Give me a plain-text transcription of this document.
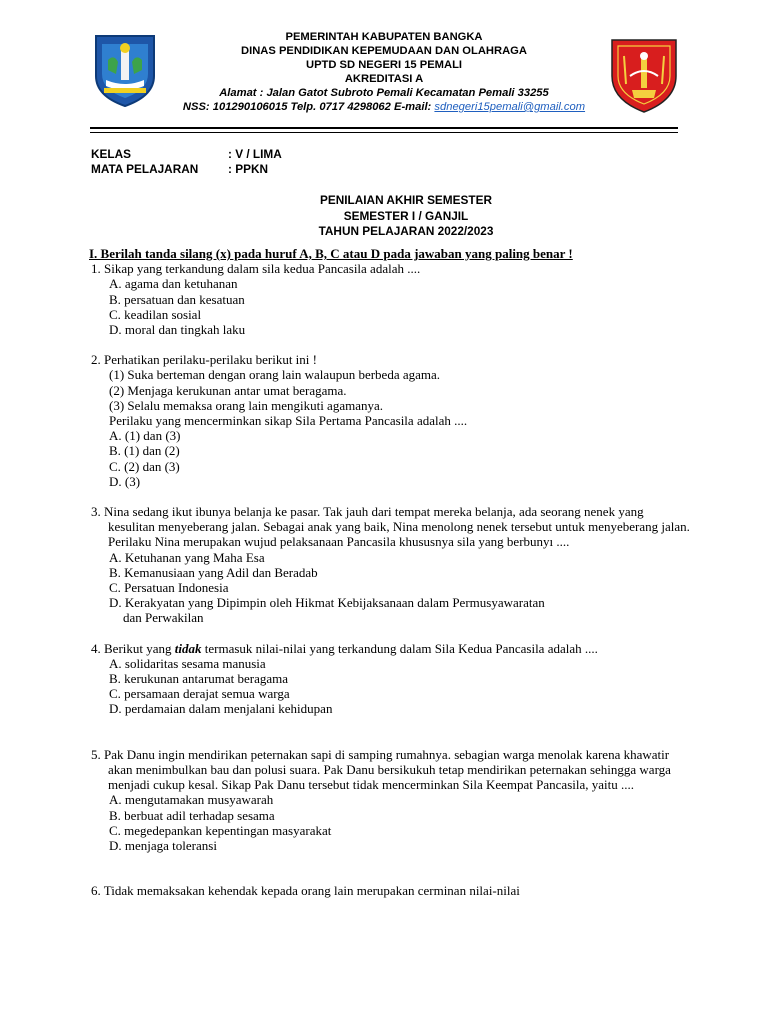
PEMERINTAH KABUPATEN BANGKA
DINAS PENDIDIKAN KEPEMUDAAN DAN OLAHRAGA
UPTD SD NEGERI 15 PEMALI
AKREDITASI A
Alamat : Jalan Gatot Subroto Pemali Kecamatan Pemali 33255
NSS: 101290106015 Telp. 0717 4298062 E-mail: sdnegeri15pemali@gmail.com
KELAS	: V / LIMA
MATA PELAJARAN	: PPKN
PENILAIAN AKHIR SEMESTER
SEMESTER I / GANJIL
TAHUN PELAJARAN 2022/2023
I. Berilah tanda silang (x) pada huruf A, B, C atau D pada jawaban yang paling benar !
1. Sikap yang terkandung dalam sila kedua Pancasila adalah ....
A. agama dan ketuhanan
B. persatuan dan kesatuan
C. keadilan sosial
D. moral dan tingkah laku
2. Perhatikan perilaku-perilaku berikut ini !
(1) Suka berteman dengan orang lain walaupun berbeda agama.
(2) Menjaga kerukunan antar umat beragama.
(3) Selalu memaksa orang lain mengikuti agamanya.
Perilaku yang mencerminkan sikap Sila Pertama Pancasila adalah ....
A. (1) dan (3)
B. (1) dan (2)
C. (2) dan (3)
D. (3)
3. Nina sedang ikut ibunya belanja ke pasar. Tak jauh dari tempat mereka belanja, ada seorang nenek yang kesulitan menyeberang jalan. Sebagai anak yang baik, Nina menolong nenek tersebut untuk menyeberang jalan. Perilaku Nina merupakan wujud pelaksanaan Pancasila khususnya sila yang berbunyı ....
A. Ketuhanan yang Maha Esa
B. Kemanusiaan yang Adil dan Beradab
C. Persatuan Indonesia
D. Kerakyatan yang Dipimpin oleh Hikmat Kebijaksanaan dalam Permusyawaratan
dan Perwakilan
4. Berikut yang tidak termasuk nilai-nilai yang terkandung dalam Sila Kedua Pancasila adalah ....
A. solidaritas sesama manusia
B. kerukunan antarumat beragama
C. persamaan derajat semua warga
D. perdamaian dalam menjalani kehidupan
5. Pak Danu ingin mendirikan peternakan sapi di samping rumahnya. sebagian warga menolak karena khawatir akan menimbulkan bau dan polusi suara. Pak Danu bersikukuh tetap mendirikan peternakan sehingga warga menjadi cukup kesal. Sikap Pak Danu tersebut tidak mencerminkan Sila Keempat Pancasila, yaitu ....
A. mengutamakan musyawarah
B. berbuat adil terhadap sesama
C. megedepankan kepentingan masyarakat
D. menjaga toleransi
6. Tidak memaksakan kehendak kepada orang lain merupakan cerminan nilai-nilai
